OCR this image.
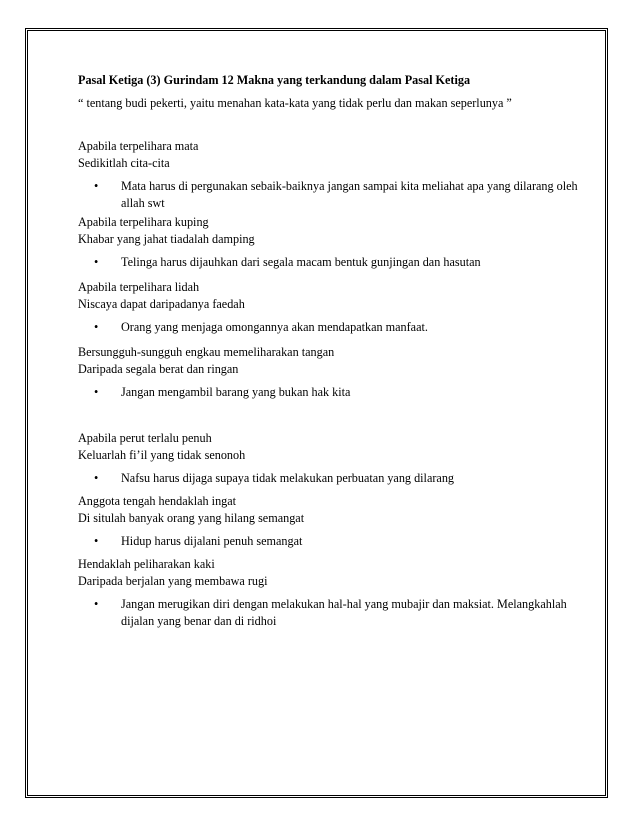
Pasal Ketiga (3) Gurindam 12 Makna yang terkandung dalam Pasal Ketiga

“ tentang budi pekerti, yaitu menahan kata-kata yang tidak perlu dan makan seperlunya ”

Apabila terpelihara mata
Sedikitlah cita-cita
• Mata harus di pergunakan sebaik-baiknya jangan sampai kita meliahat apa yang dilarang oleh allah swt
Apabila terpelihara kuping
Khabar yang jahat tiadalah damping
• Telinga harus dijauhkan dari segala macam bentuk gunjingan dan hasutan
Apabila terpelihara lidah
Niscaya dapat daripadanya faedah
• Orang yang menjaga omongannya akan mendapatkan manfaat.
Bersungguh-sungguh engkau memeliharakan tangan
Daripada segala berat dan ringan
• Jangan mengambil barang yang bukan hak kita
Apabila perut terlalu penuh
Keluarlah fi’il yang tidak senonoh
• Nafsu harus dijaga supaya tidak melakukan perbuatan yang dilarang
Anggota tengah hendaklah ingat
Di situlah banyak orang yang hilang semangat
• Hidup harus dijalani penuh semangat
Hendaklah peliharakan kaki
Daripada berjalan yang membawa rugi
• Jangan merugikan diri dengan melakukan hal-hal yang mubajir dan maksiat. Melangkahlah dijalan yang benar dan di ridhoi
